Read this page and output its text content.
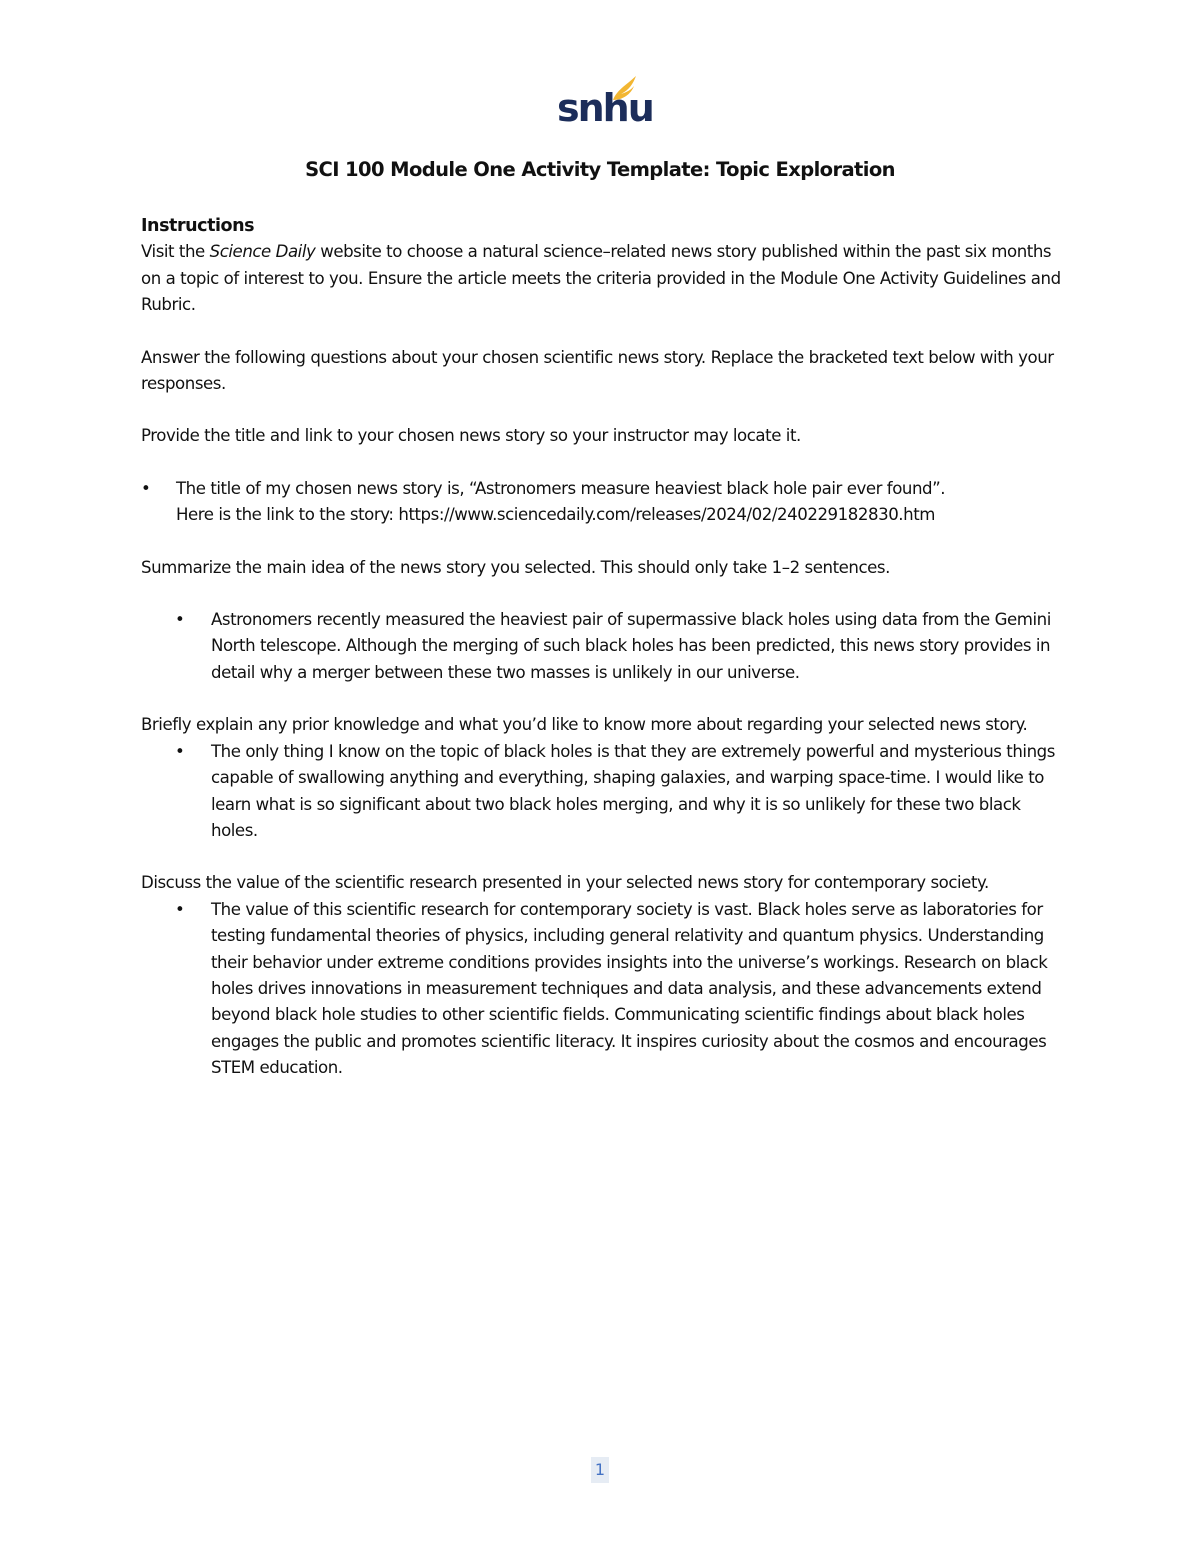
snhu
SCI 100 Module One Activity Template: Topic Exploration

Instructions

Visit the Science Daily website to choose a natural science–related news story published within the past six months on a topic of interest to you. Ensure the article meets the criteria provided in the Module One Activity Guidelines and Rubric.

Answer the following questions about your chosen scientific news story. Replace the bracketed text below with your responses.

Provide the title and link to your chosen news story so your instructor may locate it.

• The title of my chosen news story is, “Astronomers measure heaviest black hole pair ever found”.
Here is the link to the story: https://www.sciencedaily.com/releases/2024/02/240229182830.htm

Summarize the main idea of the news story you selected. This should only take 1–2 sentences.

• Astronomers recently measured the heaviest pair of supermassive black holes using data from the Gemini North telescope. Although the merging of such black holes has been predicted, this news story provides in detail why a merger between these two masses is unlikely in our universe.

Briefly explain any prior knowledge and what you’d like to know more about regarding your selected news story.

• The only thing I know on the topic of black holes is that they are extremely powerful and mysterious things capable of swallowing anything and everything, shaping galaxies, and warping space-time. I would like to learn what is so significant about two black holes merging, and why it is so unlikely for these two black holes.

Discuss the value of the scientific research presented in your selected news story for contemporary society.

• The value of this scientific research for contemporary society is vast. Black holes serve as laboratories for testing fundamental theories of physics, including general relativity and quantum physics. Understanding their behavior under extreme conditions provides insights into the universe’s workings. Research on black holes drives innovations in measurement techniques and data analysis, and these advancements extend beyond black hole studies to other scientific fields. Communicating scientific findings about black holes engages the public and promotes scientific literacy. It inspires curiosity about the cosmos and encourages STEM education.
1
